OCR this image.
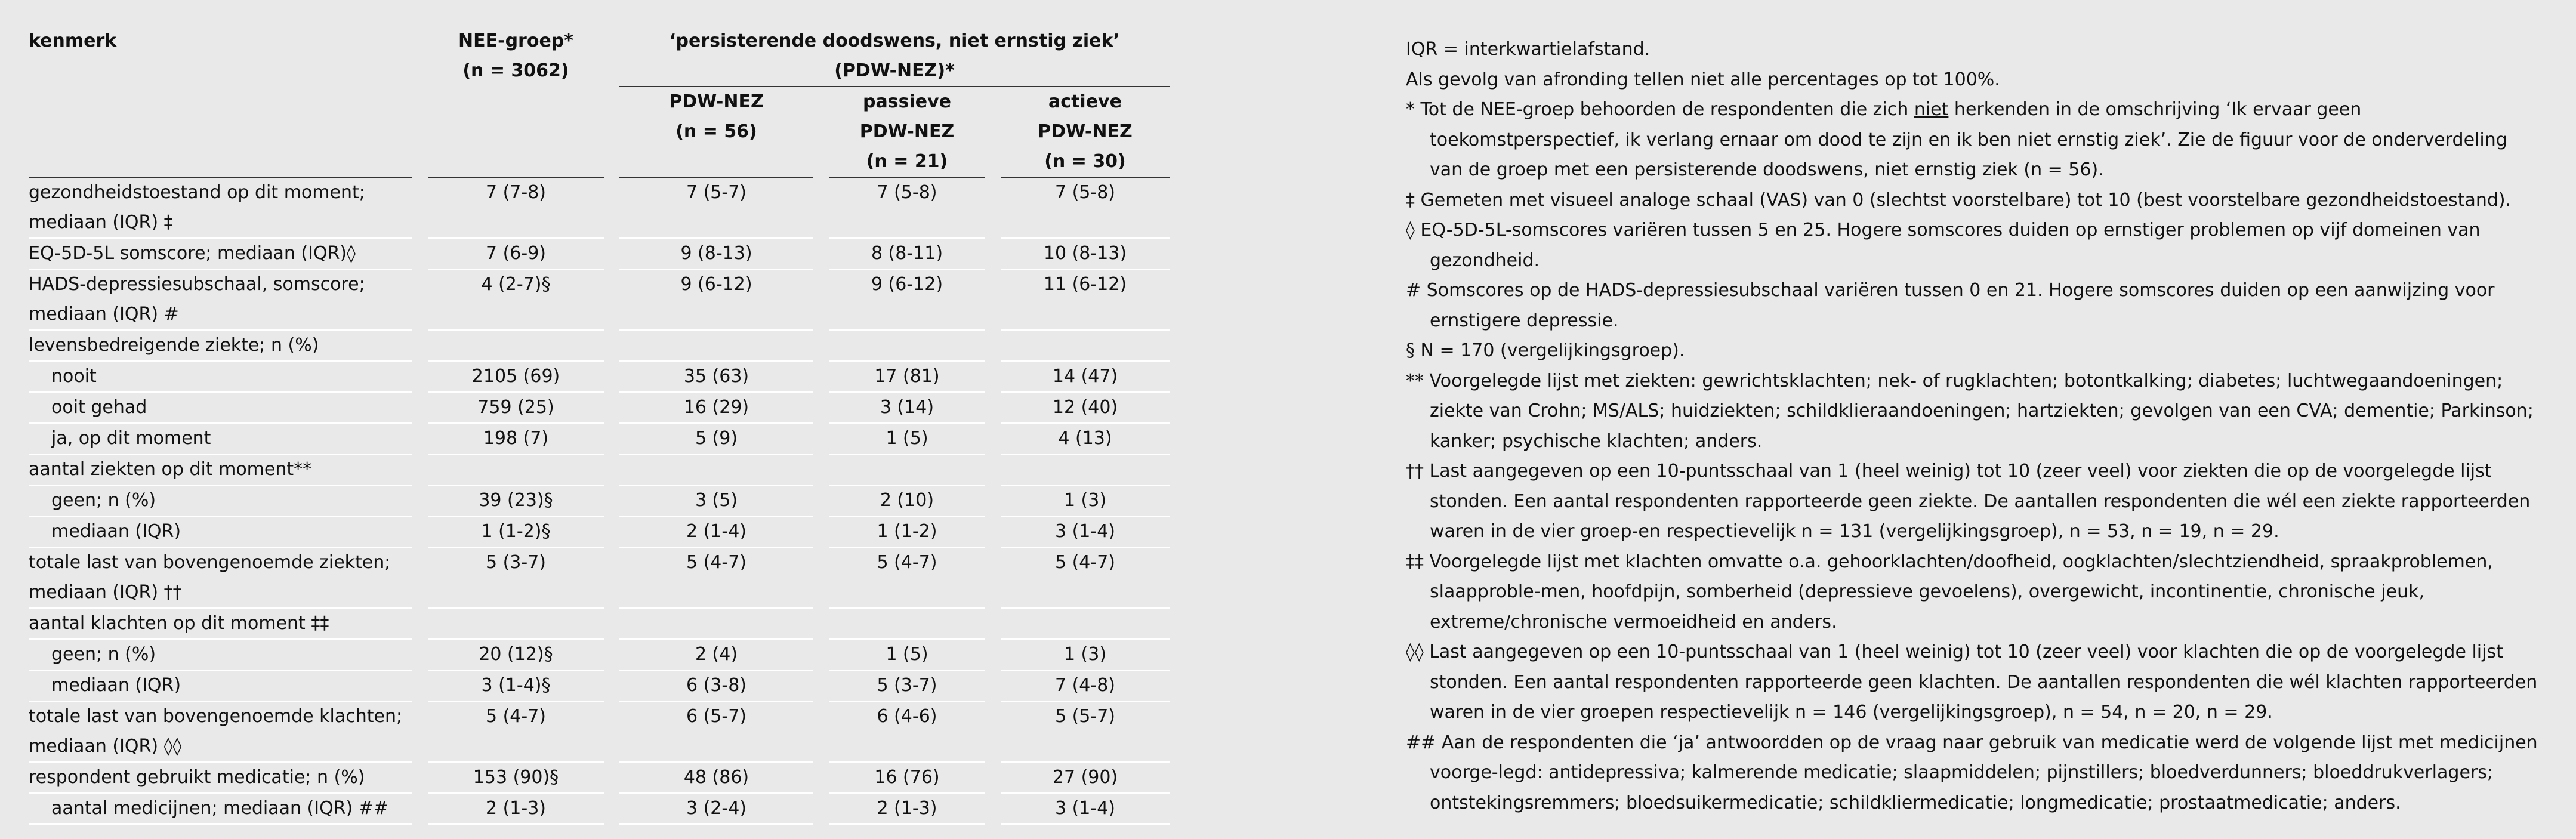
kenmerk		NEE-groep*		‘persisterende doodswens, niet ernstig ziek’				
		(n = 3062)		(PDW-NEZ)*				
				PDW-NEZ		passieve		actieve
				(n = 56)		PDW-NEZ		PDW-NEZ
						(n = 21)		(n = 30)

gezondheidstoestand op dit moment;
mediaan (IQR) ‡		7 (7-8)		7 (5-7)		7 (5-8)		7 (5-8)

EQ-5D-5L somscore; mediaan (IQR)◊		7 (6-9)		9 (8-13)		8 (8-11)		10 (8-13)

HADS-depressiesubschaal, somscore;
mediaan (IQR) #		4 (2-7)§		9 (6-12)		9 (6-12)		11 (6-12)

levensbedreigende ziekte; n (%)								

nooit		2105 (69)		35 (63)		17 (81)		14 (47)

ooit gehad		759 (25)		16 (29)		3 (14)		12 (40)

ja, op dit moment		198 (7)		5 (9)		1 (5)		4 (13)

aantal ziekten op dit moment**								

geen; n (%)		39 (23)§		3 (5)		2 (10)		1 (3)

mediaan (IQR)		1 (1-2)§		2 (1-4)		1 (1-2)		3 (1-4)

totale last van bovengenoemde ziekten;
mediaan (IQR) ††		5 (3-7)		5 (4-7)		5 (4-7)		5 (4-7)

aantal klachten op dit moment ‡‡								

geen; n (%)		20 (12)§		2 (4)		1 (5)		1 (3)

mediaan (IQR)		3 (1-4)§		6 (3-8)		5 (3-7)		7 (4-8)

totale last van bovengenoemde klachten;
mediaan (IQR) ◊◊		5 (4-7)		6 (5-7)		6 (4-6)		5 (5-7)

respondent gebruikt medicatie; n (%)		153 (90)§		48 (86)		16 (76)		27 (90)

aantal medicijnen; mediaan (IQR) ##		2 (1-3)		3 (2-4)		2 (1-3)		3 (1-4)
IQR = interkwartielafstand.
Als gevolg van afronding tellen niet alle percentages op tot 100%.
* Tot de NEE-groep behoorden de respondenten die zich niet herkenden in de omschrijving ‘Ik ervaar geen toekomstperspectief, ik verlang ernaar om dood te zijn en ik ben niet ernstig ziek’. Zie de figuur voor de onderverdeling van de groep met een persisterende doodswens, niet ernstig ziek (n = 56).
‡ Gemeten met visueel analoge schaal (VAS) van 0 (slechtst voorstelbare) tot 10 (best voorstelbare gezondheidstoestand).
◊ EQ-5D-5L-somscores variëren tussen 5 en 25. Hogere somscores duiden op ernstiger problemen op vijf domeinen van gezondheid.
# Somscores op de HADS-depressiesubschaal variëren tussen 0 en 21. Hogere somscores duiden op een aanwijzing voor ernstigere depressie.
§ N = 170 (vergelijkingsgroep).
** Voorgelegde lijst met ziekten: gewrichtsklachten; nek- of rugklachten; botontkalking; diabetes; luchtwegaandoeningen; ziekte van Crohn; MS/ALS; huidziekten; schildklieraandoeningen; hartziekten; gevolgen van een CVA; dementie; Parkinson; kanker; psychische klachten; anders.
†† Last aangegeven op een 10-puntsschaal van 1 (heel weinig) tot 10 (zeer veel) voor ziekten die op de voorgelegde lijst stonden. Een aantal respondenten rapporteerde geen ziekte. De aantallen respondenten die wél een ziekte rapporteerden waren in de vier groep-en respectievelijk n = 131 (vergelijkingsgroep), n = 53, n = 19, n = 29.
‡‡ Voorgelegde lijst met klachten omvatte o.a. gehoorklachten/doofheid, oogklachten/slechtziendheid, spraakproblemen, slaapproble-men, hoofdpijn, somberheid (depressieve gevoelens), overgewicht, incontinentie, chronische jeuk, extreme/chronische vermoeidheid en anders.
◊◊ Last aangegeven op een 10-puntsschaal van 1 (heel weinig) tot 10 (zeer veel) voor klachten die op de voorgelegde lijst stonden. Een aantal respondenten rapporteerde geen klachten. De aantallen respondenten die wél klachten rapporteerden waren in de vier groepen respectievelijk n = 146 (vergelijkingsgroep), n = 54, n = 20, n = 29.
## Aan de respondenten die ‘ja’ antwoordden op de vraag naar gebruik van medicatie werd de volgende lijst met medicijnen voorge-legd: antidepressiva; kalmerende medicatie; slaapmiddelen; pijnstillers; bloedverdunners; bloeddrukverlagers; ontstekingsremmers; bloedsuikermedicatie; schildkliermedicatie; longmedicatie; prostaatmedicatie; anders.
